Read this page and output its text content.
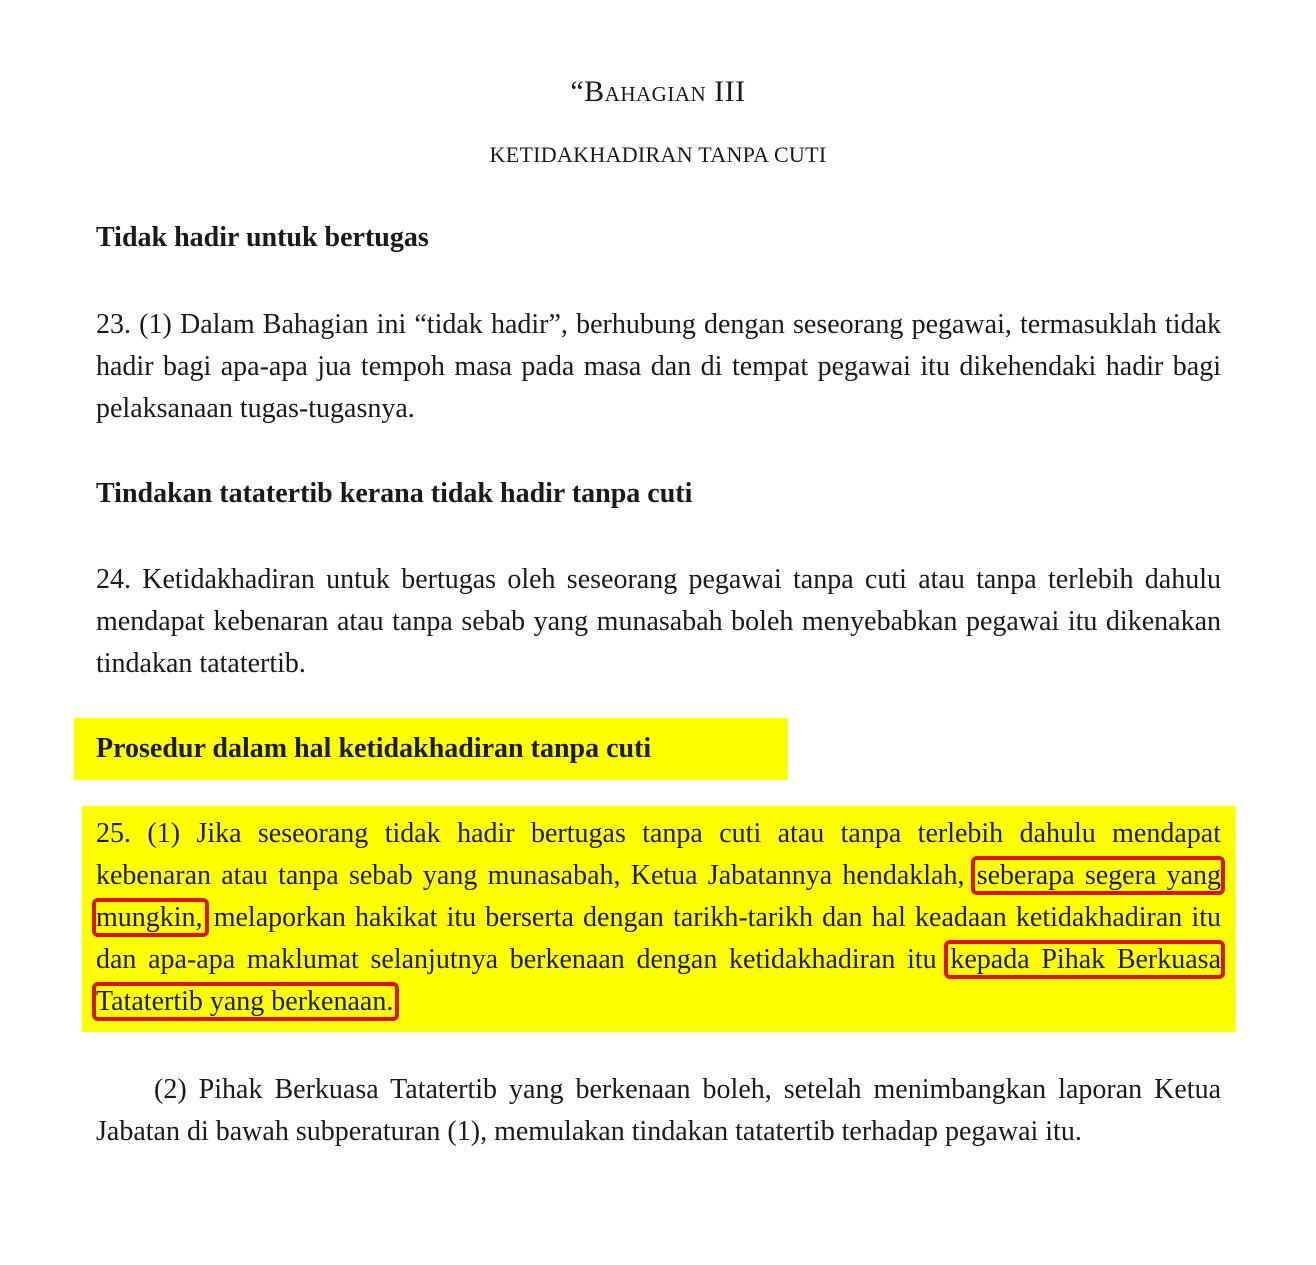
“Bahagian III
KETIDAKHADIRAN TANPA CUTI
Tidak hadir untuk bertugas
23. (1) Dalam Bahagian ini “tidak hadir”, berhubung dengan seseorang pegawai, termasuklah tidak hadir bagi apa-apa jua tempoh masa pada masa dan di tempat pegawai itu dikehendaki hadir bagi pelaksanaan tugas-tugasnya.
Tindakan tatatertib kerana tidak hadir tanpa cuti
24. Ketidakhadiran untuk bertugas oleh seseorang pegawai tanpa cuti atau tanpa terlebih dahulu mendapat kebenaran atau tanpa sebab yang munasabah boleh menyebabkan pegawai itu dikenakan tindakan tatatertib.
Prosedur dalam hal ketidakhadiran tanpa cuti
25. (1) Jika seseorang tidak hadir bertugas tanpa cuti atau tanpa terlebih dahulu mendapat kebenaran atau tanpa sebab yang munasabah, Ketua Jabatannya hendaklah, seberapa segera yang mungkin, melaporkan hakikat itu berserta dengan tarikh-tarikh dan hal keadaan ketidakhadiran itu dan apa-apa maklumat selanjutnya berkenaan dengan ketidakhadiran itu kepada Pihak Berkuasa Tatatertib yang berkenaan.
(2) Pihak Berkuasa Tatatertib yang berkenaan boleh, setelah menimbangkan laporan Ketua Jabatan di bawah subperaturan (1), memulakan tindakan tatatertib terhadap pegawai itu.
